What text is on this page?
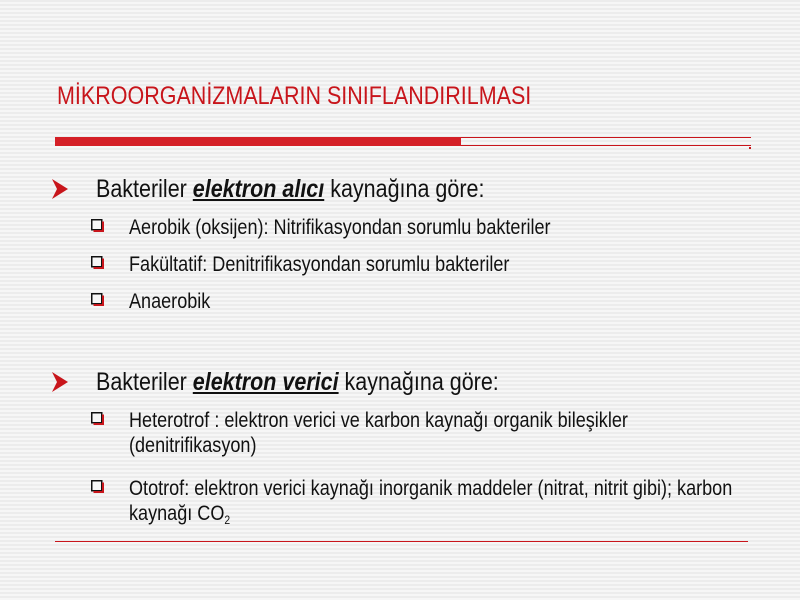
MİKROORGANİZMALARIN SINIFLANDIRILMASI
Bakteriler elektron alıcı kaynağına göre:
Aerobik (oksijen): Nitrifikasyondan sorumlu bakteriler
Fakültatif: Denitrifikasyondan sorumlu bakteriler
Anaerobik
Bakteriler elektron verici kaynağına göre:
Heterotrof : elektron verici ve karbon kaynağı organik bileşikler (denitrifikasyon)
Ototrof: elektron verici kaynağı inorganik maddeler (nitrat, nitrit gibi); karbon kaynağı $CO_2$
